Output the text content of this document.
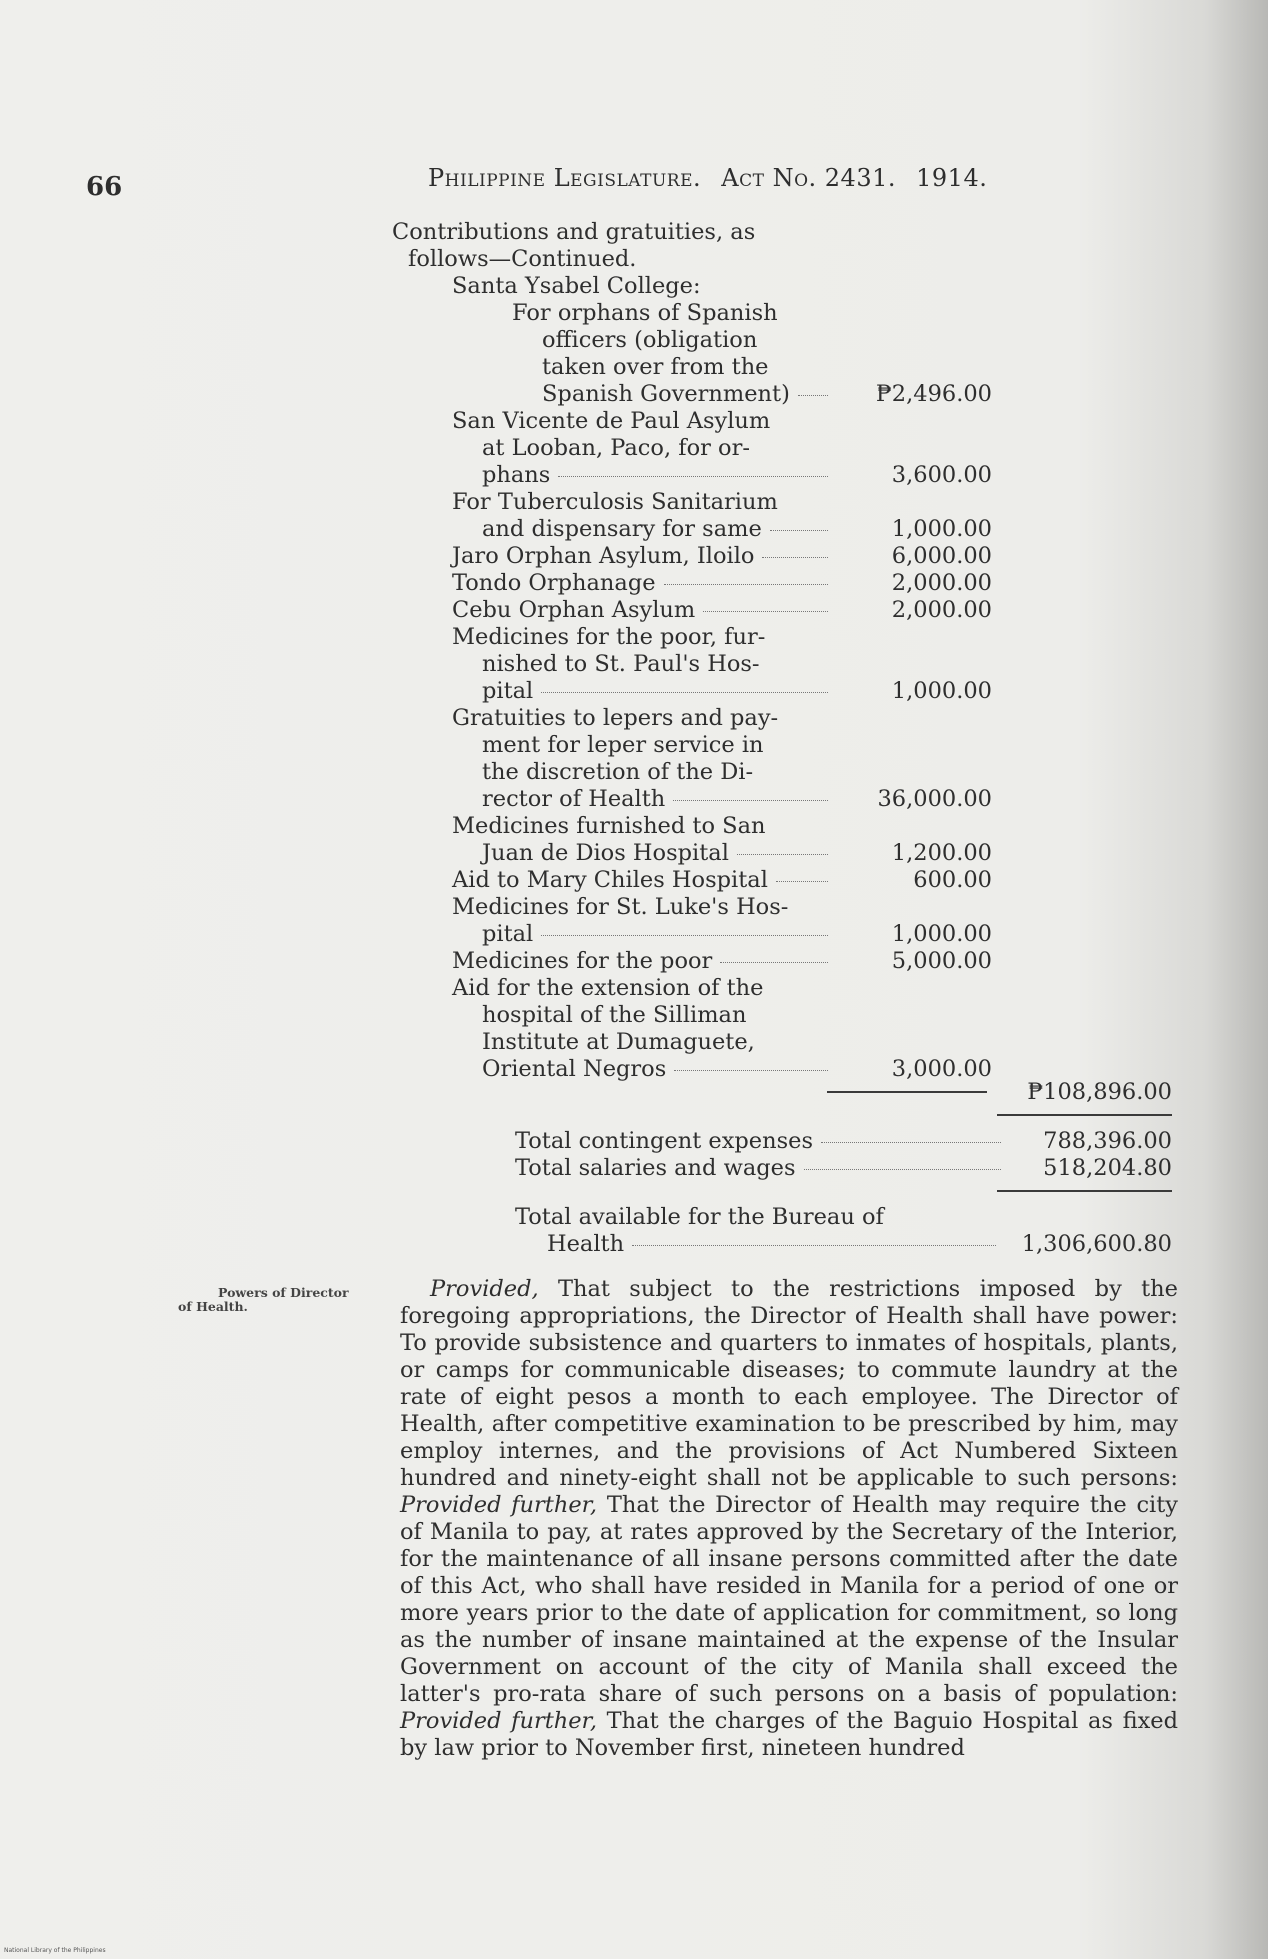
66	Philippine Legislature. Act No. 2431. 1914.
Contributions and gratuities, as
follows—Continued.
Santa Ysabel College:
For orphans of Spanish
officers (obligation
taken over from the
Spanish Government)	₱2,496.00
San Vicente de Paul Asylum
at Looban, Paco, for or-
phans	3,600.00
For Tuberculosis Sanitarium
and dispensary for same	1,000.00
Jaro Orphan Asylum, Iloilo	6,000.00
Tondo Orphanage	2,000.00
Cebu Orphan Asylum	2,000.00
Medicines for the poor, fur-
nished to St. Paul's Hos-
pital	1,000.00
Gratuities to lepers and pay-
ment for leper service in
the discretion of the Di-
rector of Health	36,000.00
Medicines furnished to San
Juan de Dios Hospital	1,200.00
Aid to Mary Chiles Hospital	600.00
Medicines for St. Luke's Hos-
pital	1,000.00
Medicines for the poor	5,000.00
Aid for the extension of the
hospital of the Silliman
Institute at Dumaguete,
Oriental Negros	3,000.00
₱108,896.00
Total contingent expenses	788,396.00
Total salaries and wages	518,204.80
Total available for the Bureau of
Health	1,306,600.80
Powers of Director
of Health.

Provided, That subject to the restrictions imposed by the foregoing appropriations, the Director of Health shall have power: To provide subsistence and quarters to inmates of hospitals, plants, or camps for communicable diseases; to commute laundry at the rate of eight pesos a month to each employee. The Director of Health, after competitive examination to be prescribed by him, may employ internes, and the provisions of Act Numbered Sixteen hundred and ninety-eight shall not be applicable to such persons: Provided further, That the Director of Health may require the city of Manila to pay, at rates approved by the Secretary of the Interior, for the maintenance of all insane persons committed after the date of this Act, who shall have resided in Manila for a period of one or more years prior to the date of application for commitment, so long as the number of insane maintained at the expense of the Insular Government on account of the city of Manila shall exceed the latter's pro-rata share of such persons on a basis of population: Provided further, That the charges of the Baguio Hospital as fixed by law prior to November first, nineteen hundred

National Library of the Philippines
